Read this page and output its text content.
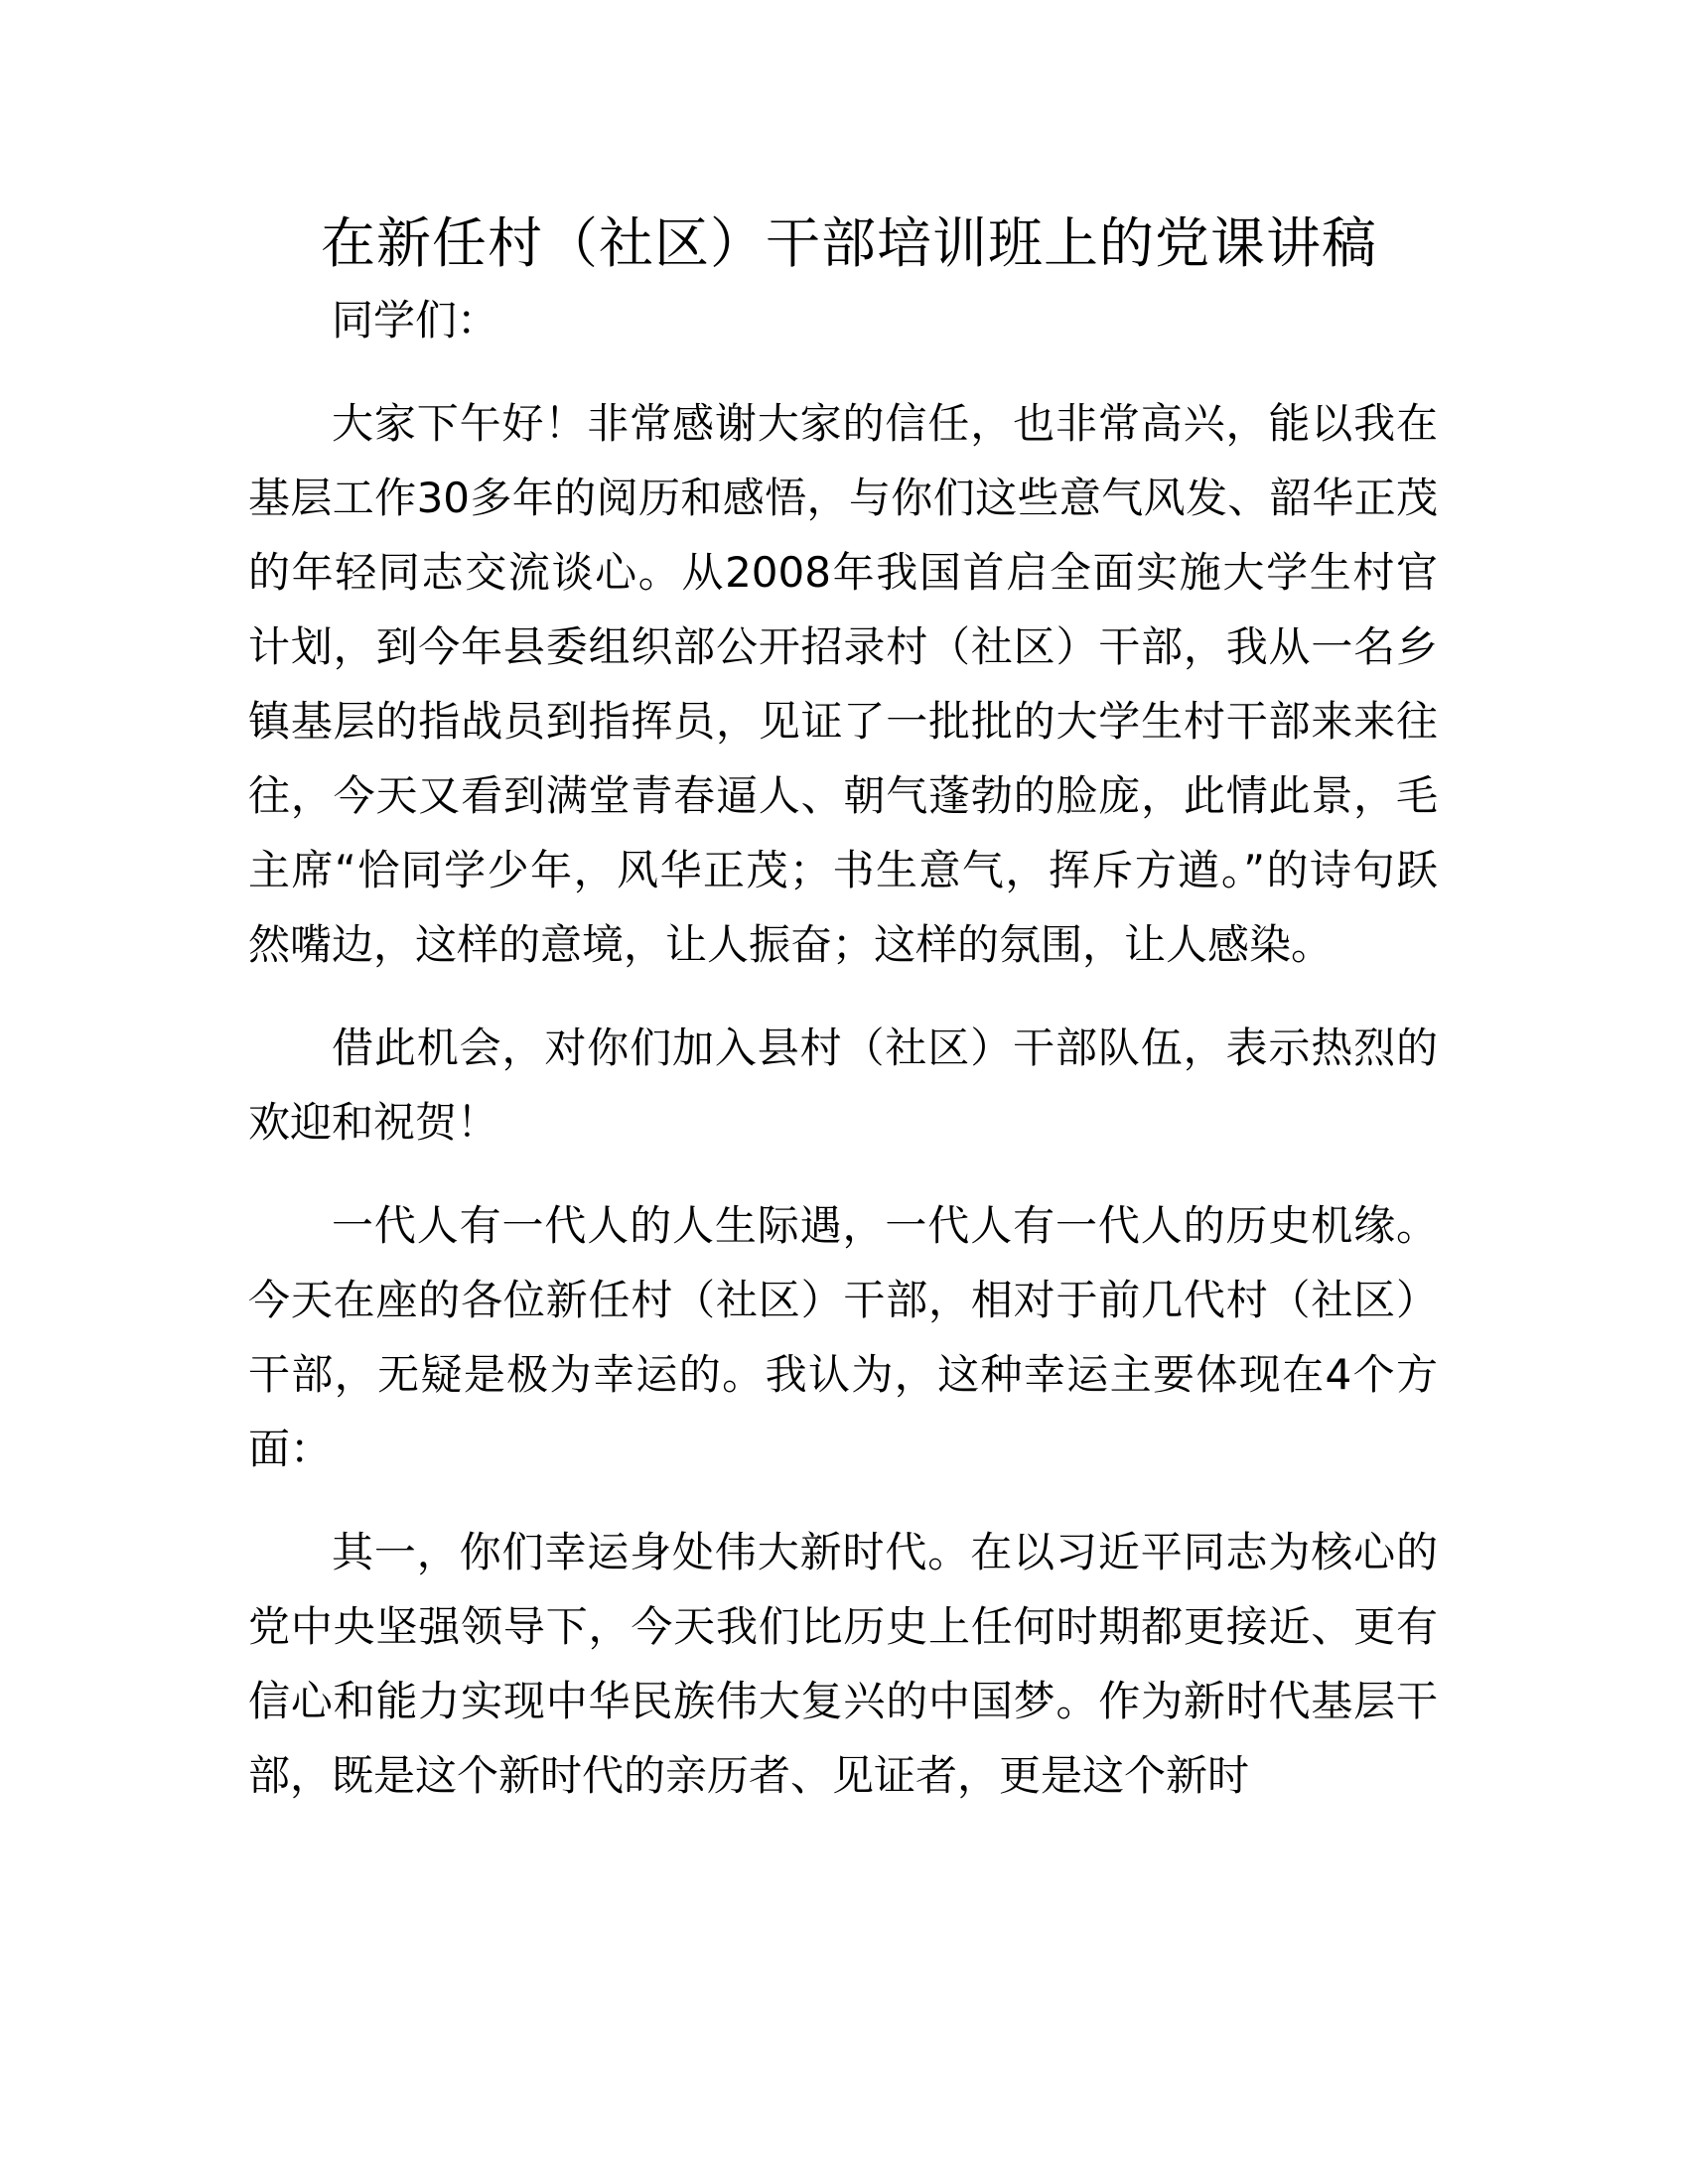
在新任村（社区）干部培训班上的党课讲稿

同学们：

大家下午好！非常感谢大家的信任，也非常高兴，能以我在基层工作30多年的阅历和感悟，与你们这些意气风发、韶华正茂的年轻同志交流谈心。从2008年我国首启全面实施大学生村官计划，到今年县委组织部公开招录村（社区）干部，我从一名乡镇基层的指战员到指挥员，见证了一批批的大学生村干部来来往往，今天又看到满堂青春逼人、朝气蓬勃的脸庞，此情此景，毛主席“恰同学少年，风华正茂；书生意气，挥斥方遒。”的诗句跃然嘴边，这样的意境，让人振奋；这样的氛围，让人感染。

借此机会，对你们加入县村（社区）干部队伍，表示热烈的欢迎和祝贺！

一代人有一代人的人生际遇，一代人有一代人的历史机缘。今天在座的各位新任村（社区）干部，相对于前几代村（社区）干部，无疑是极为幸运的。我认为，这种幸运主要体现在4个方面：

其一，你们幸运身处伟大新时代。在以习近平同志为核心的党中央坚强领导下，今天我们比历史上任何时期都更接近、更有信心和能力实现中华民族伟大复兴的中国梦。作为新时代基层干部，既是这个新时代的亲历者、见证者，更是这个新时
